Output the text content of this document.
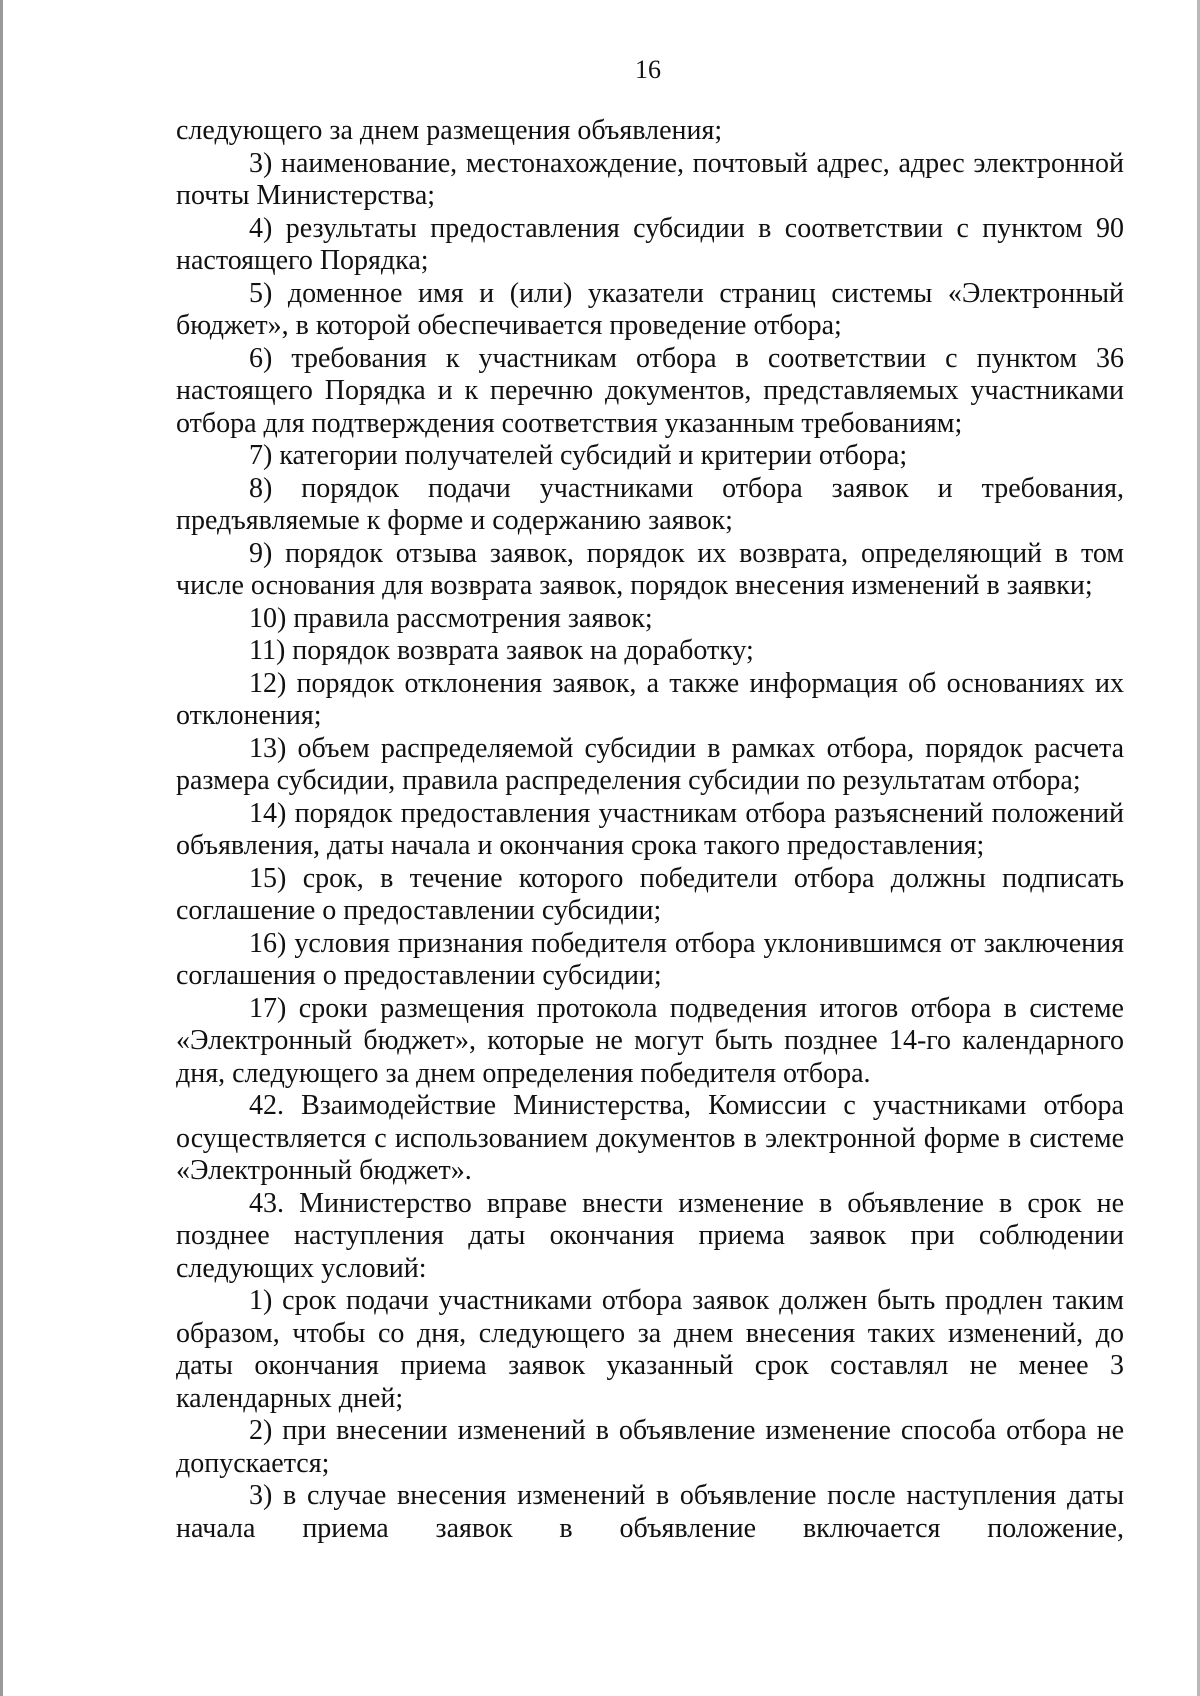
16

следующего за днем размещения объявления;

3) наименование, местонахождение, почтовый адрес, адрес электронной почты Министерства;

4) результаты предоставления субсидии в соответствии с пунктом 90 настоящего Порядка;

5) доменное имя и (или) указатели страниц системы «Электронный бюджет», в которой обеспечивается проведение отбора;

6) требования к участникам отбора в соответствии с пунктом 36 настоящего Порядка и к перечню документов, представляемых участниками отбора для подтверждения соответствия указанным требованиям;

7) категории получателей субсидий и критерии отбора;

8) порядок подачи участниками отбора заявок и требования, предъявляемые к форме и содержанию заявок;

9) порядок отзыва заявок, порядок их возврата, определяющий в том числе основания для возврата заявок, порядок внесения изменений в заявки;

10) правила рассмотрения заявок;

11) порядок возврата заявок на доработку;

12) порядок отклонения заявок, а также информация об основаниях их отклонения;

13) объем распределяемой субсидии в рамках отбора, порядок расчета размера субсидии, правила распределения субсидии по результатам отбора;

14) порядок предоставления участникам отбора разъяснений положений объявления, даты начала и окончания срока такого предоставления;

15) срок, в течение которого победители отбора должны подписать соглашение о предоставлении субсидии;

16) условия признания победителя отбора уклонившимся от заключения соглашения о предоставлении субсидии;

17) сроки размещения протокола подведения итогов отбора в системе «Электронный бюджет», которые не могут быть позднее 14-го календарного дня, следующего за днем определения победителя отбора.

42. Взаимодействие Министерства, Комиссии с участниками отбора осуществляется с использованием документов в электронной форме в системе «Электронный бюджет».

43. Министерство вправе внести изменение в объявление в срок не позднее наступления даты окончания приема заявок при соблюдении следующих условий:

1) срок подачи участниками отбора заявок должен быть продлен таким образом, чтобы со дня, следующего за днем внесения таких изменений, до даты окончания приема заявок указанный срок составлял не менее 3 календарных дней;

2) при внесении изменений в объявление изменение способа отбора не допускается;

3) в случае внесения изменений в объявление после наступления даты начала приема заявок в объявление включается положение,
